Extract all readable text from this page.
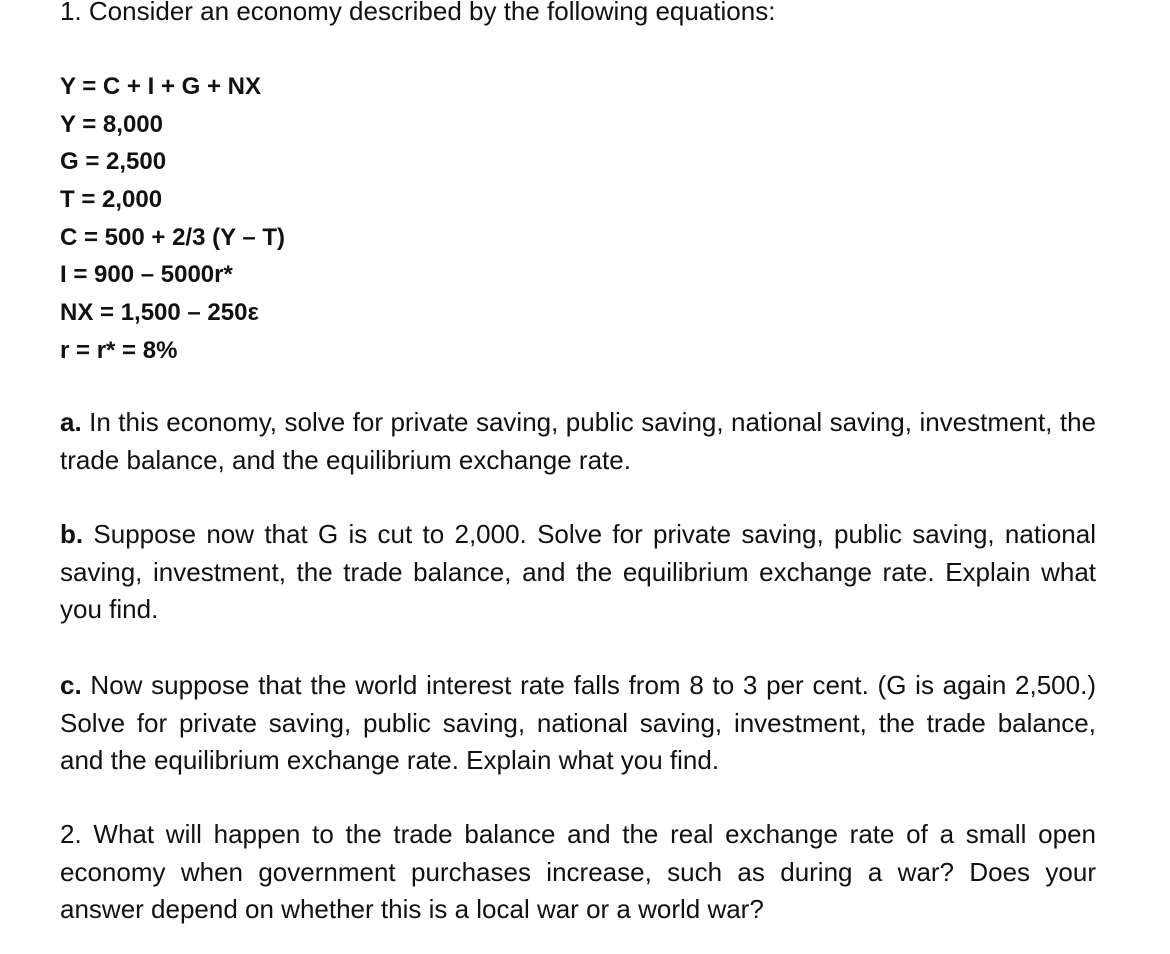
1. Consider an economy described by the following equations:
Y = C + I + G + NX
Y = 8,000
G = 2,500
T = 2,000
C = 500 + 2/3 (Y – T)
I = 900 – 5000r*
NX = 1,500 – 250ε
r = r* = 8%
a. In this economy, solve for private saving, public saving, national saving, investment, the trade balance, and the equilibrium exchange rate.
b. Suppose now that G is cut to 2,000. Solve for private saving, public saving, national saving, investment, the trade balance, and the equilibrium exchange rate. Explain what you find.
c. Now suppose that the world interest rate falls from 8 to 3 per cent. (G is again 2,500.) Solve for private saving, public saving, national saving, investment, the trade balance, and the equilibrium exchange rate. Explain what you find.
2. What will happen to the trade balance and the real exchange rate of a small open economy when government purchases increase, such as during a war? Does your answer depend on whether this is a local war or a world war?
